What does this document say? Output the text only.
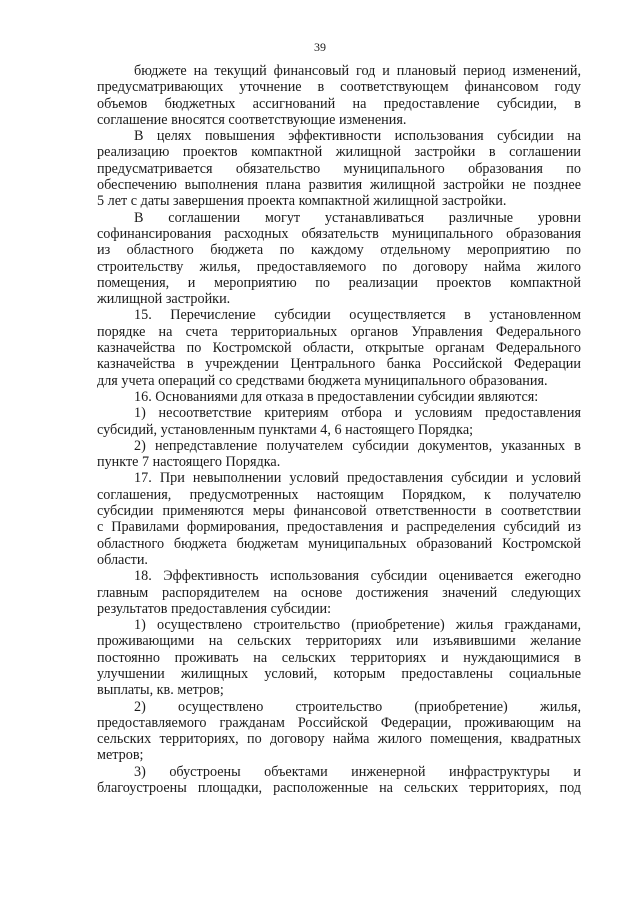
39

бюджете на текущий финансовый год и плановый период изменений,
предусматривающих уточнение в соответствующем финансовом году
объемов бюджетных ассигнований на предоставление субсидии, в
соглашение вносятся соответствующие изменения.

В целях повышения эффективности использования субсидии на
реализацию проектов компактной жилищной застройки в соглашении
предусматривается обязательство муниципального образования по
обеспечению выполнения плана развития жилищной застройки не позднее
5 лет с даты завершения проекта компактной жилищной застройки.

В соглашении могут устанавливаться различные уровни
софинансирования расходных обязательств муниципального образования
из областного бюджета по каждому отдельному мероприятию по
строительству жилья, предоставляемого по договору найма жилого
помещения, и мероприятию по реализации проектов компактной
жилищной застройки.

15. Перечисление субсидии осуществляется в установленном
порядке на счета территориальных органов Управления Федерального
казначейства по Костромской области, открытые органам Федерального
казначейства в учреждении Центрального банка Российской Федерации
для учета операций со средствами бюджета муниципального образования.

16. Основаниями для отказа в предоставлении субсидии являются:

1) несоответствие критериям отбора и условиям предоставления
субсидий, установленным пунктами 4, 6 настоящего Порядка;

2) непредставление получателем субсидии документов, указанных в
пункте 7 настоящего Порядка.

17. При невыполнении условий предоставления субсидии и условий
соглашения, предусмотренных настоящим Порядком, к получателю
субсидии применяются меры финансовой ответственности в соответствии
с Правилами формирования, предоставления и распределения субсидий из
областного бюджета бюджетам муниципальных образований Костромской
области.

18. Эффективность использования субсидии оценивается ежегодно
главным распорядителем на основе достижения значений следующих
результатов предоставления субсидии:

1) осуществлено строительство (приобретение) жилья гражданами,
проживающими на сельских территориях или изъявившими желание
постоянно проживать на сельских территориях и нуждающимися в
улучшении жилищных условий, которым предоставлены социальные
выплаты, кв. метров;

2) осуществлено строительство (приобретение) жилья,
предоставляемого гражданам Российской Федерации, проживающим на
сельских территориях, по договору найма жилого помещения, квадратных
метров;

3) обустроены объектами инженерной инфраструктуры и
благоустроены площадки, расположенные на сельских территориях, под
